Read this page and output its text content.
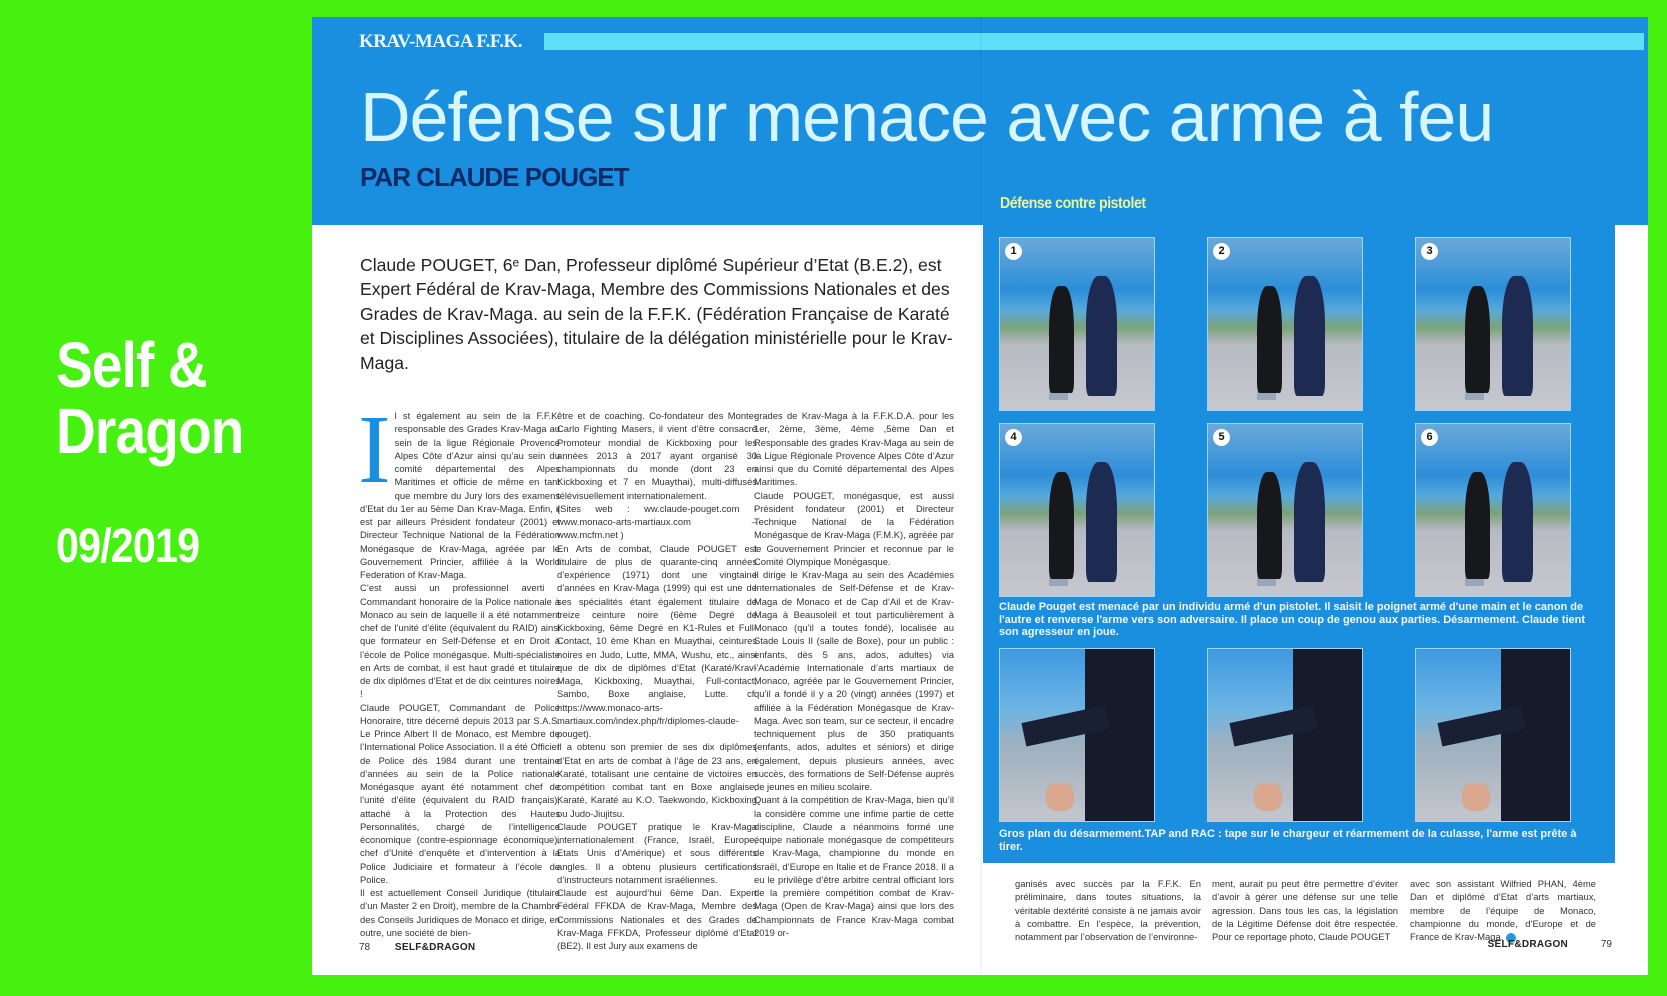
Self &
Dragon
09/2019
KRAV-MAGA F.F.K.
Défense sur menace avec arme à feu
PAR CLAUDE POUGET

Claude POUGET, 6ᵉ Dan, Professeur diplômé Supérieur d’Etat (B.E.2), est Expert Fédéral de Krav-Maga, Membre des Commissions Nationales et des Grades de Krav-Maga. au sein de la F.F.K. (Fédération Française de Karaté et Disciplines Associées), titulaire de la délégation ministérielle pour le Krav-Maga.

I l st également au sein de la F.F.K. responsable des Grades Krav-Maga au sein de la ligue Régionale Provence Alpes Côte d’Azur ainsi qu’au sein du comité départemental des Alpes Maritimes et officie de même en tant que membre du Jury lors des examens d’Etat du 1er au 5ème Dan Krav-Maga. Enfin, il est par ailleurs Président fondateur (2001) et Directeur Technique National de la Fédération Monégasque de Krav-Maga, agréée par le Gouvernement Princier, affiliée à la World Federation of Krav-Maga.

C’est aussi un professionnel averti : Commandant honoraire de la Police nationale à Monaco au sein de laquelle il a été notamment chef de l’unité d’élite (équivalent du RAID) ainsi que formateur en Self-Défense et en Droit à l’école de Police monégasque. Multi-spécialiste en Arts de combat, il est haut gradé et titulaire de dix diplômes d’Etat et de dix ceintures noires !

Claude POUGET, Commandant de Police Honoraire, titre décerné depuis 2013 par S.A.S. Le Prince Albert II de Monaco, est Membre de l’International Police Association. Il a été Officier de Police dès 1984 durant une trentaine d’années au sein de la Police nationale Monégasque ayant été notamment chef de l’unité d’élite (équivalent du RAID français), attaché à la Protection des Hautes Personnalités, chargé de l’intelligence économique (contre-espionnage économique), chef d’Unité d’enquête et d’intervention à la Police Judiciaire et formateur à l’école de Police.

Il est actuellement Conseil Juridique (titulaire d’un Master 2 en Droit), membre de la Chambre des Conseils Juridiques de Monaco et dirige, en outre, une société de bien-

être et de coaching. Co-fondateur des Monte-Carlo Fighting Masers, il vient d’être consacré Promoteur mondial de Kickboxing pour les années 2013 à 2017 ayant organisé 30 championnats du monde (dont 23 en Kickboxing et 7 en Muaythai), multi-diffusés télévisuellement internationalement.

(Sites web : ww.claude-pouget.com - www.monaco-arts-martiaux.com – www.mcfm.net )

En Arts de combat, Claude POUGET est titulaire de plus de quarante-cinq années d’expérience (1971) dont une vingtaine d’années en Krav-Maga (1999) qui est une de ses spécialités étant également titulaire de treize ceinture noire (6ème Degré de Kickboxing, 6ème Degré en K1-Rules et Full-Contact, 10 ème Khan en Muaythai, ceintures noires en Judo, Lutte, MMA, Wushu, etc., ainsi que de dix de diplômes d’Etat (Karaté/Krav-Maga, Kickboxing, Muaythai, Full-contact, Sambo, Boxe anglaise, Lutte. cf. https://www.monaco-arts-martiaux.com/index.php/fr/diplomes-claude-pouget).

Il a obtenu son premier de ses dix diplômes d’Etat en arts de combat à l’âge de 23 ans, en Karaté, totalisant une centaine de victoires en compétition combat tant en Boxe anglaise, Karaté, Karaté au K.O. Taekwondo, Kickboxing ou Judo-Jiujitsu.

Claude POUGET pratique le Krav-Maga internationalement (France, Israël, Europe, Etats Unis d’Amérique) et sous différents angles. Il a obtenu plusieurs certifications d’instructeurs notamment israéliennes.

Claude est aujourd’hui 6ème Dan. Expert Fédéral FFKDA de Krav-Maga, Membre des Commissions Nationales et des Grades de Krav-Maga FFKDA, Professeur diplômé d’Etat (BE2). Il est Jury aux examens de

grades de Krav-Maga à la F.F.K.D.A. pour les 1er, 2ème, 3ème, 4ème ,5ème Dan et Responsable des grades Krav-Maga au sein de la Ligue Régionale Provence Alpes Côte d’Azur ainsi que du Comité départemental des Alpes Maritimes.

Claude POUGET, monégasque, est aussi Président fondateur (2001) et Directeur Technique National de la Fédération Monégasque de Krav-Maga (F.M.K), agréée par le Gouvernement Princier et reconnue par le Comité Olympique Monégasque.

Il dirige le Krav-Maga au sein des Académies Internationales de Self-Défense et de Krav-Maga de Monaco et de Cap d’Ail et de Krav-Maga à Beausoleil et tout particulièrement à Monaco (qu’il a toutes fondé), localisée au Stade Louis II (salle de Boxe), pour un public : enfants, dès 5 ans, ados, adultes) via l’Académie Internationale d’arts martiaux de Monaco, agréée par le Gouvernement Princier, qu’il a fondé il y a 20 (vingt) années (1997) et affiliée à la Fédération Monégasque de Krav-Maga. Avec son team, sur ce secteur, il encadre techniquement plus de 350 pratiquants (enfants, ados, adultes et séniors) et dirige également, depuis plusieurs années, avec succès, des formations de Self-Défense auprès de jeunes en milieu scolaire.

Quant à la compétition de Krav-Maga, bien qu’il la considère comme une infime partie de cette discipline, Claude a néanmoins formé une équipe nationale monégasque de compétiteurs de Krav-Maga, championne du monde en Israël, d’Europe en Italie et de France 2018. Il a eu le privilège d’être arbitre central officiant lors de la première compétition combat de Krav-Maga (Open de Krav-Maga) ainsi que lors des Championnats de France Krav-Maga combat 2019 or-

78 SELF&DRAGON
Défense contre pistolet
1	2	3
4	5	6

Claude Pouget est menacé par un individu armé d'un pistolet. Il saisit le poignet armé d'une main et le canon de l'autre et renverse l'arme vers son adversaire. Il place un coup de genou aux parties. Désarmement. Claude tient son agresseur en joue.

Gros plan du désarmement.TAP and RAC : tape sur le chargeur et réarmement de la culasse, l'arme est prête à tirer.

ganisés avec succès par la F.F.K. En préliminaire, dans toutes situations, la véritable dextérité consiste à ne jamais avoir à combattre. En l’espèce, la prévention, notamment par l’observation de l’environne-

ment, aurait pu peut être permettre d’éviter d’avoir à gérer une défense sur une telle agression. Dans tous les cas, la législation de la Légitime Défense doit être respectée. Pour ce reportage photo, Claude POUGET

avec son assistant Wilfried PHAN, 4ème Dan et diplômé d’Etat d’arts martiaux, membre de l’équipe de Monaco, championne du monde, d’Europe et de France de Krav-Maga.
SELF&DRAGON	79
